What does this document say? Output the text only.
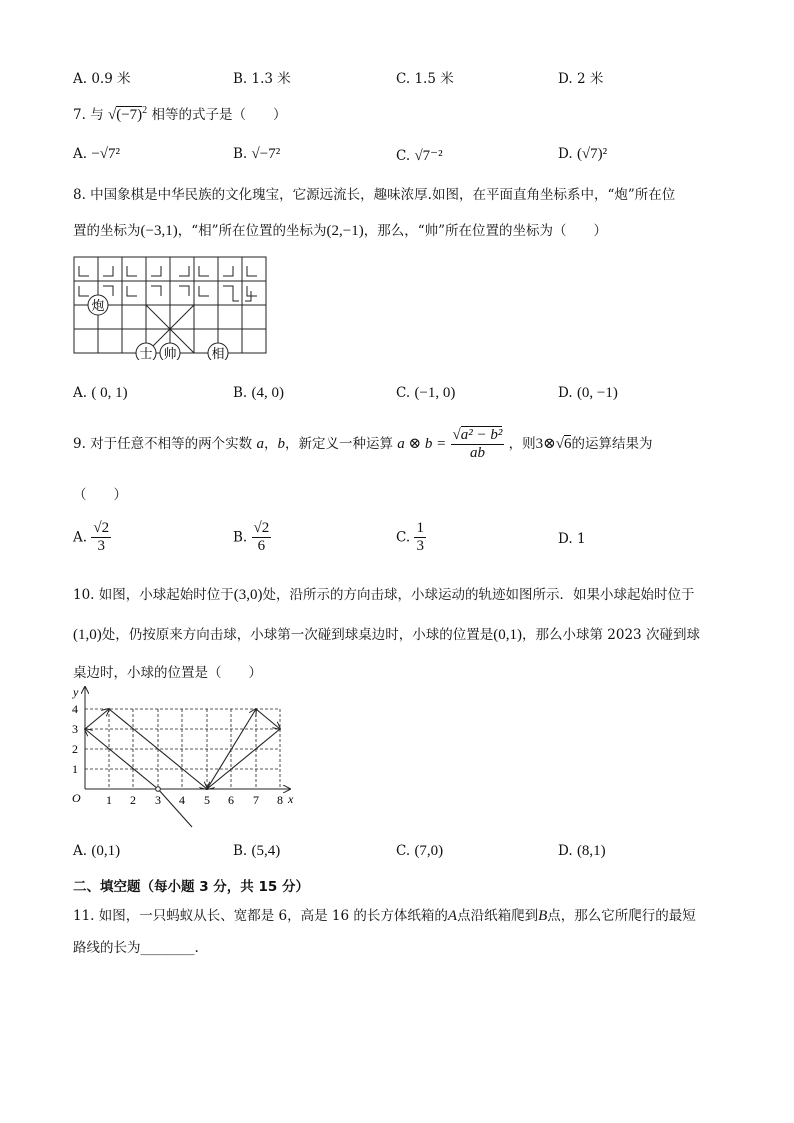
A. 0.9 米	B. 1.3 米	C. 1.5 米	D. 2 米
7. 与 $√(-7)^2$ 相等的式子是（　　）
A. −√7²	B. √−7²	C. √7⁻²	D. (√7)²
8. 中国象棋是中华民族的文化瑰宝，它源远流长，趣味浓厚.如图，在平面直角坐标系中，“炮”所在位
置的坐标为(−3,1)，“相”所在位置的坐标为(2,−1)，那么，“帅”所在位置的坐标为（　　）
炮
士 帅	相
A. ( 0, 1)	B. (4, 0)	C. (−1, 0)	D. (0, −1)
9. 对于任意不相等的两个实数 a，b，新定义一种运算 a ⊗ $b = \frac{\text{√a² − b²}}{ab}$ ，则3⊗√6的运算结果为
（　　）
A. $\frac{√2}{3}$	B. $\frac{√2}{6}$	C. $\frac{1}{3}$	D. 1
10. 如图，小球起始时位于(3,0)处，沿所示的方向击球，小球运动的轨迹如图所示．如果小球起始时位于
(1,0)处，仍按原来方向击球，小球第一次碰到球桌边时，小球的位置是(0,1)，那么小球第 2023 次碰到球
桌边时，小球的位置是（　　）
y
x
O 1 2 3 4 5 6 7 8
1
2
3
4
A. (0,1)	B. (5,4)	C. (7,0)	D. (8,1)
二、填空题（每小题 3 分，共 15 分）
11. 如图，一只蚂蚁从长、宽都是 6，高是 16 的长方体纸箱的A点沿纸箱爬到B点，那么它所爬行的最短
路线的长为________.
